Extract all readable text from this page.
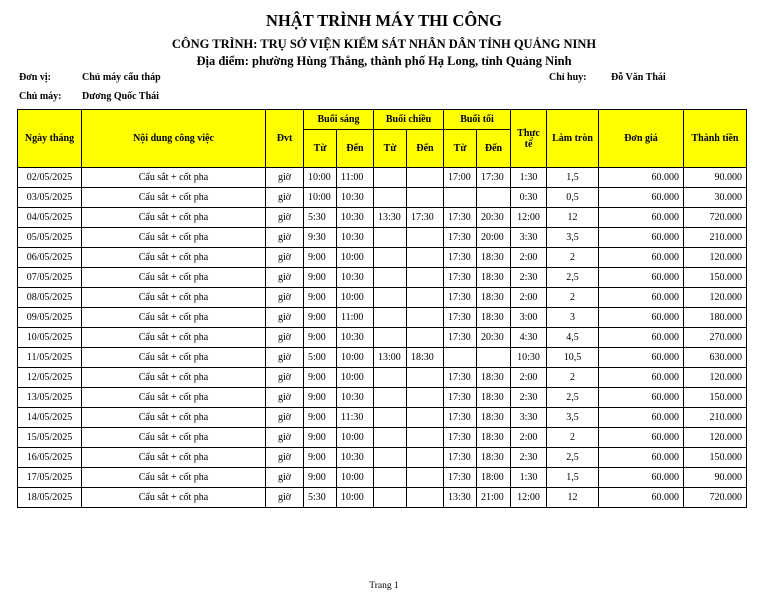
NHẬT TRÌNH MÁY THI CÔNG
CÔNG TRÌNH: TRỤ SỞ VIỆN KIỂM SÁT NHÂN DÂN TỈNH QUẢNG NINH
Địa điểm: phường Hùng Thắng, thành phố Hạ Long, tỉnh Quảng Ninh
Đơn vị:	Chủ máy cẩu tháp
Chủ máy: Dương Quốc Thái
Chỉ huy: Đỗ Văn Thái
Ngày tháng	Nội dung công việc	Đvt	Buổi sáng		Buổi chiều		Buổi tối		Thực tế	Làm tròn	Đơn giá	Thành tiền
			Từ	Đến	Từ	Đến	Từ	Đến				
02/05/2025	Cẩu sắt + cốt pha	giờ	10:00	11:00			17:00	17:30	1:30	1,5	60.000	90.000
03/05/2025	Cẩu sắt + cốt pha	giờ	10:00	10:30					0:30	0,5	60.000	30.000
04/05/2025	Cẩu sắt + cốt pha	giờ	5:30	10:30	13:30	17:30	17:30	20:30	12:00	12	60.000	720.000
05/05/2025	Cẩu sắt + cốt pha	giờ	9:30	10:30			17:30	20:00	3:30	3,5	60.000	210.000
06/05/2025	Cẩu sắt + cốt pha	giờ	9:00	10:00			17:30	18:30	2:00	2	60.000	120.000
07/05/2025	Cẩu sắt + cốt pha	giờ	9:00	10:30			17:30	18:30	2:30	2,5	60.000	150.000
08/05/2025	Cẩu sắt + cốt pha	giờ	9:00	10:00			17:30	18:30	2:00	2	60.000	120.000
09/05/2025	Cẩu sắt + cốt pha	giờ	9:00	11:00			17:30	18:30	3:00	3	60.000	180.000
10/05/2025	Cẩu sắt + cốt pha	giờ	9:00	10:30			17:30	20:30	4:30	4,5	60.000	270.000
11/05/2025	Cẩu sắt + cốt pha	giờ	5:00	10:00	13:00	18:30			10:30	10,5	60.000	630.000
12/05/2025	Cẩu sắt + cốt pha	giờ	9:00	10:00			17:30	18:30	2:00	2	60.000	120.000
13/05/2025	Cẩu sắt + cốt pha	giờ	9:00	10:30			17:30	18:30	2:30	2,5	60.000	150.000
14/05/2025	Cẩu sắt + cốt pha	giờ	9:00	11:30			17:30	18:30	3:30	3,5	60.000	210.000
15/05/2025	Cẩu sắt + cốt pha	giờ	9:00	10:00			17:30	18:30	2:00	2	60.000	120.000
16/05/2025	Cẩu sắt + cốt pha	giờ	9:00	10:30			17:30	18:30	2:30	2,5	60.000	150.000
17/05/2025	Cẩu sắt + cốt pha	giờ	9:00	10:00			17:30	18:00	1:30	1,5	60.000	90.000
18/05/2025	Cẩu sắt + cốt pha	giờ	5:30	10:00			13:30	21:00	12:00	12	60.000	720.000
Trang 1
